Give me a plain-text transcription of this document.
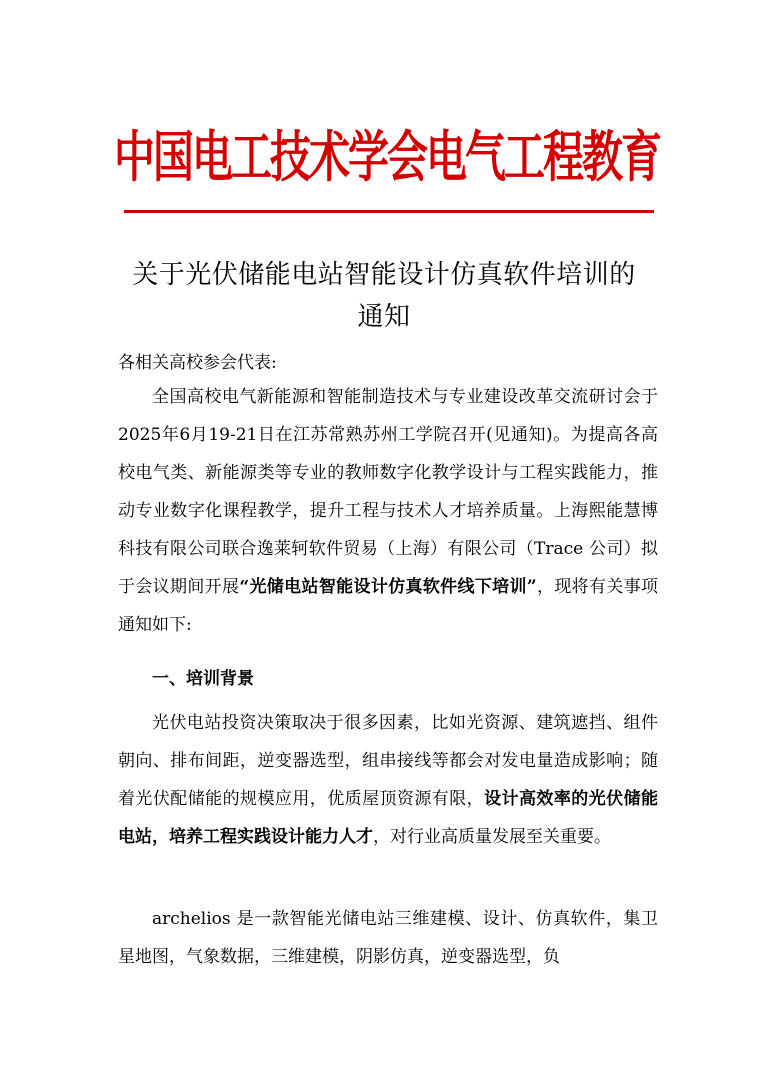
中国电工技术学会电气工程教育
关于光伏储能电站智能设计仿真软件培训的
通知
各相关高校参会代表:
全国高校电气新能源和智能制造技术与专业建设改革交流研讨会于2025年6月19-21日在江苏常熟苏州工学院召开(见通知)。为提高各高校电气类、新能源类等专业的教师数字化教学设计与工程实践能力，推动专业数字化课程教学，提升工程与技术人才培养质量。上海熙能慧博科技有限公司联合逸莱轲软件贸易（上海）有限公司（Trace 公司）拟于会议期间开展“光储电站智能设计仿真软件线下培训”，现将有关事项通知如下:
一、培训背景
光伏电站投资决策取决于很多因素，比如光资源、建筑遮挡、组件朝向、排布间距，逆变器选型，组串接线等都会对发电量造成影响；随着光伏配储能的规模应用，优质屋顶资源有限，设计高效率的光伏储能电站，培养工程实践设计能力人才，对行业高质量发展至关重要。
archelios 是一款智能光储电站三维建模、设计、仿真软件，集卫星地图，气象数据，三维建模，阴影仿真，逆变器选型，负
